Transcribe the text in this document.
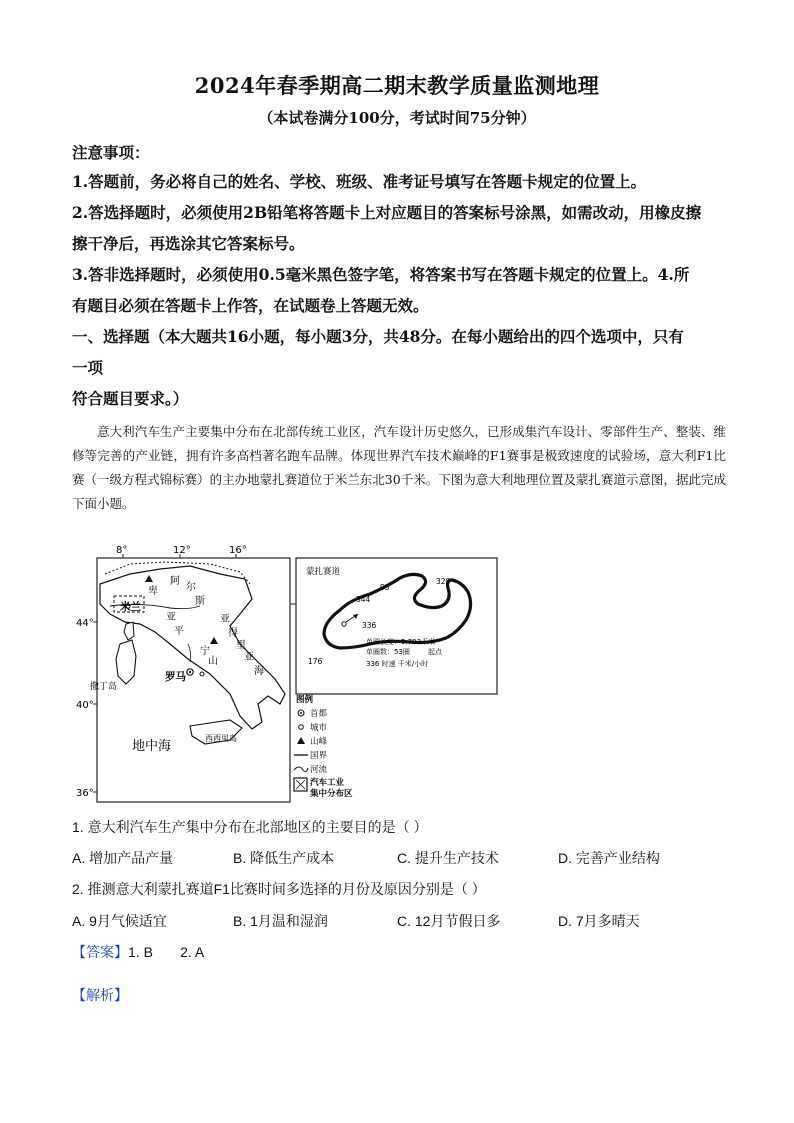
2024年春季期高二期末教学质量监测地理
（本试卷满分100分，考试时间75分钟）
注意事项：
1.答题前，务必将自己的姓名、学校、班级、准考证号填写在答题卡规定的位置上。
2.答选择题时，必须使用2B铅笔将答题卡上对应题目的答案标号涂黑，如需改动，用橡皮擦
擦干净后，再选涂其它答案标号。
3.答非选择题时，必须使用0.5毫米黑色签字笔，将答案书写在答题卡规定的位置上。4.所
有题目必须在答题卡上作答，在试题卷上答题无效。
一、选择题（本大题共16小题，每小题3分，共48分。在每小题给出的四个选项中，只有
一项
符合题目要求。）
意大利汽车生产主要集中分布在北部传统工业区，汽车设计历史悠久，已形成集汽车设计、零部件生产、整装、维修等完善的产业链，拥有许多高档著名跑车品牌。体现世界汽车技术巅峰的F1赛事是极致速度的试验场，意大利F1比赛（一级方程式锦标赛）的主办地蒙扎赛道位于米兰东北30千米。下图为意大利地理位置及蒙扎赛道示意图，据此完成下面小题。
8°	12°	16°
44°
40°
36°
米兰
罗马
撒丁岛
西西里岛
地中海
阿
尔
卑
斯
亚
得
里
亚
海
亚
平
宁
山
蒙扎赛道
95
328
344
336
176
单圈长度：5.793千米
单圈数：53圈	起点
336 时速 千米/小时
图例
首都
城市
山峰
国界
河流
汽车工业
集中分布区
1. 意大利汽车生产集中分布在北部地区的主要目的是（ ）
A. 增加产品产量	B. 降低生产成本	C. 提升生产技术	D. 完善产业结构
2. 推测意大利蒙扎赛道F1比赛时间多选择的月份及原因分别是（ ）
A. 9月气候适宜	B. 1月温和湿润	C. 12月节假日多	D. 7月多晴天
【答案】1. B       2. A
【解析】
